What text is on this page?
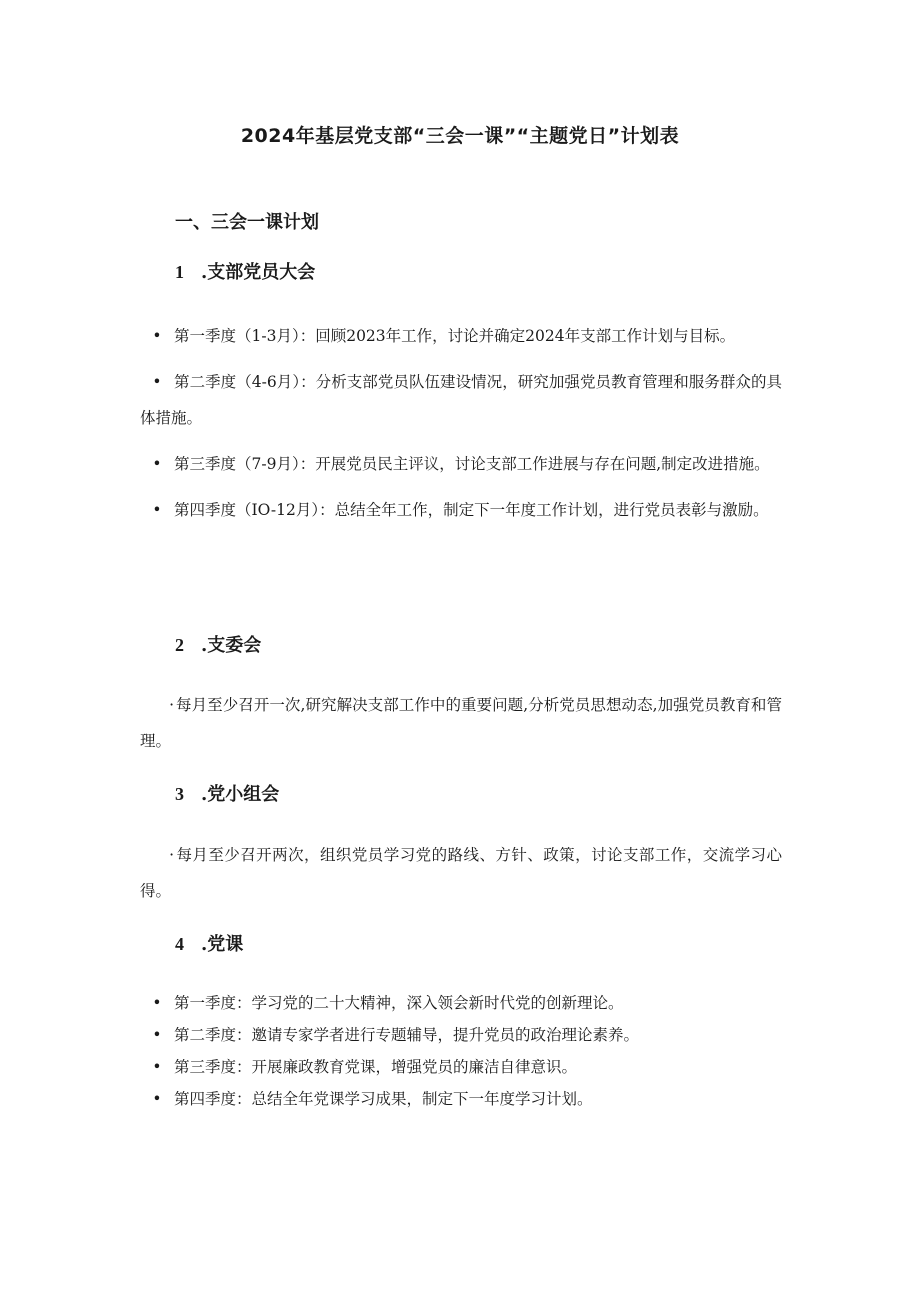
2024年基层党支部“三会一课”“主题党日”计划表
一、三会一课计划
1 .支部党员大会
• 第一季度（1-3月）：回顾2023年工作，讨论并确定2024年支部工作计划与目标。
• 第二季度（4-6月）：分析支部党员队伍建设情况，研究加强党员教育管理和服务群众的具体措施。
• 第三季度（7-9月）：开展党员民主评议，讨论支部工作进展与存在问题,制定改进措施。
• 第四季度（IO-12月）：总结全年工作，制定下一年度工作计划，进行党员表彰与激励。
2 .支委会

· 每月至少召开一次,研究解决支部工作中的重要问题,分析党员思想动态,加强党员教育和管理。

3 .党小组会

· 每月至少召开两次，组织党员学习党的路线、方针、政策，讨论支部工作，交流学习心得。

4 .党课
• 第一季度：学习党的二十大精神，深入领会新时代党的创新理论。
• 第二季度：邀请专家学者进行专题辅导，提升党员的政治理论素养。
• 第三季度：开展廉政教育党课，增强党员的廉洁自律意识。
• 第四季度：总结全年党课学习成果，制定下一年度学习计划。
